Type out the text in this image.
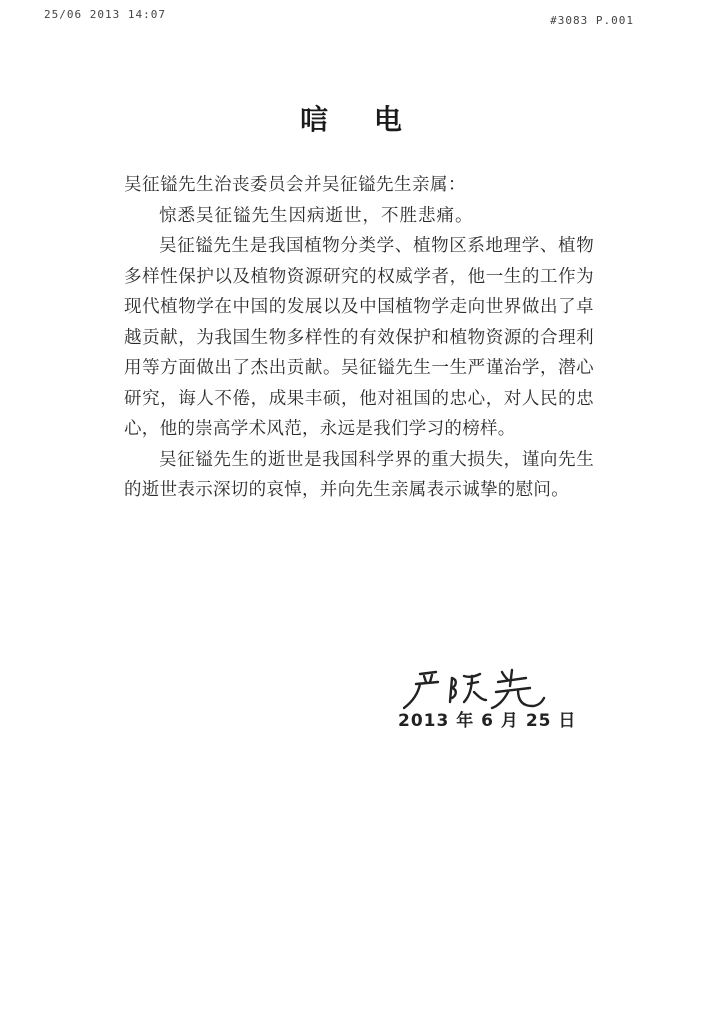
25/06 2013 14:07	#3083 P.001
唁 电

吴征镒先生治丧委员会并吴征镒先生亲属：

惊悉吴征镒先生因病逝世，不胜悲痛。

吴征镒先生是我国植物分类学、植物区系地理学、植物多样性保护以及植物资源研究的权威学者，他一生的工作为现代植物学在中国的发展以及中国植物学走向世界做出了卓越贡献，为我国生物多样性的有效保护和植物资源的合理利用等方面做出了杰出贡献。吴征镒先生一生严谨治学，潜心研究，诲人不倦，成果丰硕，他对祖国的忠心，对人民的忠心，他的崇高学术风范，永远是我们学习的榜样。

吴征镒先生的逝世是我国科学界的重大损失，谨向先生的逝世表示深切的哀悼，并向先生亲属表示诚挚的慰问。

2013 年 6 月 25 日
